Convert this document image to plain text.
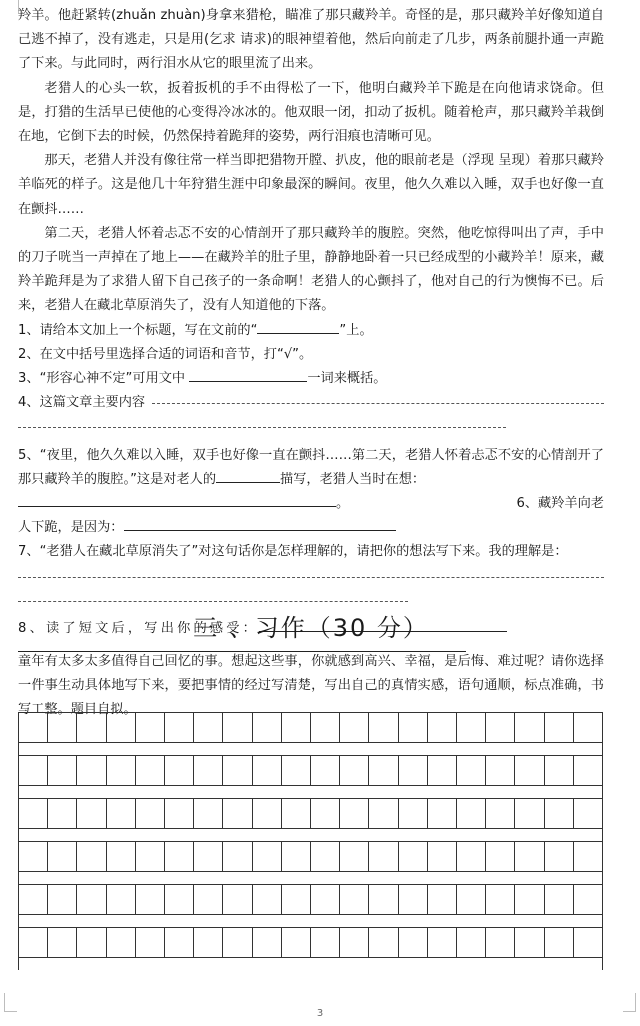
羚羊。他赶紧转(zhuǎn zhuàn)身拿来猎枪，瞄准了那只藏羚羊。奇怪的是，那只藏羚羊好像知道自己逃不掉了，没有逃走，只是用(乞求 请求)的眼神望着他，然后向前走了几步，两条前腿扑通一声跪了下来。与此同时，两行泪水从它的眼里流了出来。

老猎人的心头一软，扳着扳机的手不由得松了一下，他明白藏羚羊下跪是在向他请求饶命。但是，打猎的生活早已使他的心变得冷冰冰的。他双眼一闭，扣动了扳机。随着枪声，那只藏羚羊栽倒在地，它倒下去的时候，仍然保持着跪拜的姿势，两行泪痕也清晰可见。

那天，老猎人并没有像往常一样当即把猎物开膛、扒皮，他的眼前老是（浮现 呈现）着那只藏羚羊临死的样子。这是他几十年狩猎生涯中印象最深的瞬间。夜里，他久久难以入睡，双手也好像一直在颤抖……

第二天，老猎人怀着忐忑不安的心情剖开了那只藏羚羊的腹腔。突然，他吃惊得叫出了声，手中的刀子咣当一声掉在了地上——在藏羚羊的肚子里，静静地卧着一只已经成型的小藏羚羊！原来，藏羚羊跪拜是为了求猎人留下自己孩子的一条命啊！老猎人的心颤抖了，他对自己的行为懊悔不已。后来，老猎人在藏北草原消失了，没有人知道他的下落。

1、请给本文加上一个标题，写在文前的“	”上。

2、在文中括号里选择合适的词语和音节，打“√”。

3、“形容心神不定”可用文中	一词来概括。

4、这篇文章主要内容

5、“夜里，他久久难以入睡，双手也好像一直在颤抖……第二天，老猎人怀着忐忑不安的心情剖开了那只藏羚羊的腹腔。”这是对老人的	描写，老猎人当时在想：

。	6、藏羚羊向老

人下跪，是因为：

7、“老猎人在藏北草原消失了”对这句话你是怎样理解的，请把你的想法写下来。我的理解是：

8、读了短文后，写出你的感受：

三 、习作（30 分）

童年有太多太多值得自己回忆的事。想起这些事，你就感到高兴、幸福，是后悔、难过呢？请你选择一件事生动具体地写下来，要把事情的经过写清楚，写出自己的真情实感，语句通顺，标点准确，书写工整。题目自拟。

3
